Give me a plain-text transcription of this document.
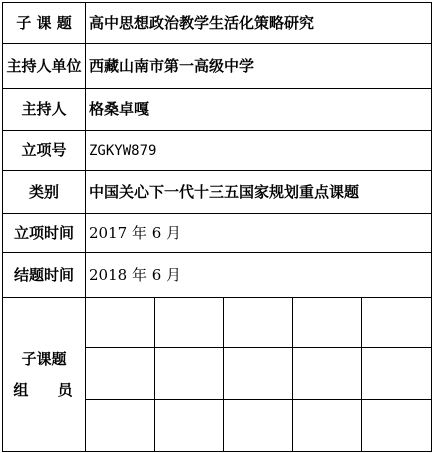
子 课 题	高中思想政治教学生活化策略研究				
主持人单位	西藏山南市第一高级中学				
主持人	格桑卓嘎				
立项号	ZGKYW879				
类别	中国关心下一代十三五国家规划重点课题				
立项时间	2017 年 6 月				
结题时间	2018 年 6 月				

子课题
组 员					
